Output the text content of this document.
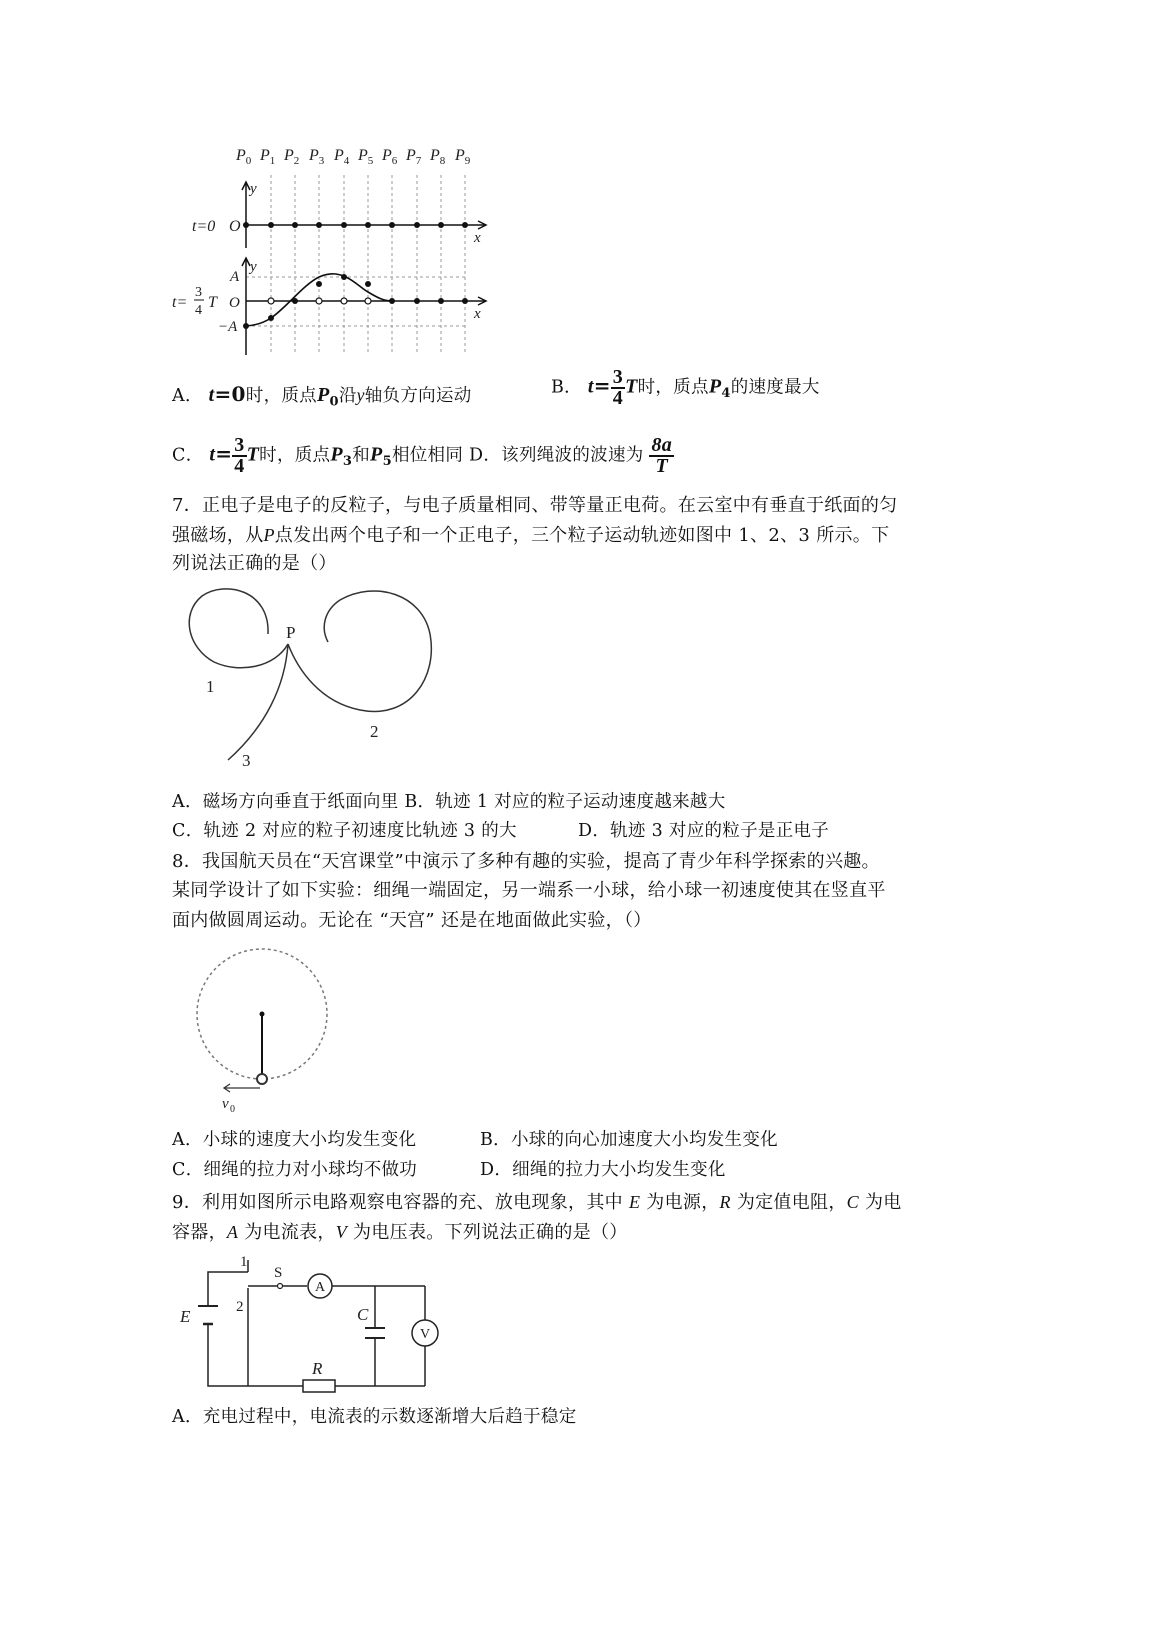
$P_0$ $P_1$ $P_2$ $P_3$ $P_4$ $P_5$ $P_6$ $P_7$ $P_8$ $P_9$
y
x
t=0 O
y
x
A
O
−A
t=
3
4 T
A． t=0时，质点$P_0$沿y轴负方向运动	B． $t= \frac{3}{4}$ T时，质点$P_4$的速度最大
C． $t= \frac{3}{4}$ T时，质点$P_3$和$P_5$相位相同 D．该列绳波的波速为 $\frac{8a}{T}$
7．正电子是电子的反粒子，与电子质量相同、带等量正电荷。在云室中有垂直于纸面的匀
强磁场，从P点发出两个电子和一个正电子，三个粒子运动轨迹如图中 1、2、3 所示。下
列说法正确的是（）
P
1
2
3
A．磁场方向垂直于纸面向里 B．轨迹 1 对应的粒子运动速度越来越大
C．轨迹 2 对应的粒子初速度比轨迹 3 的大	D．轨迹 3 对应的粒子是正电子
8．我国航天员在“天宫课堂”中演示了多种有趣的实验，提高了青少年科学探索的兴趣。
某同学设计了如下实验：细绳一端固定，另一端系一小球，给小球一初速度使其在竖直平
面内做圆周运动。无论在 “天宫” 还是在地面做此实验，（）
v 0
A．小球的速度大小均发生变化	B．小球的向心加速度大小均发生变化
C．细绳的拉力对小球均不做功	D．细绳的拉力大小均发生变化
9．利用如图所示电路观察电容器的充、放电现象，其中 E 为电源，R 为定值电阻，C 为电
容器，A 为电流表，V 为电压表。下列说法正确的是（）
1
2
S
E
A
C
V
R
A．充电过程中，电流表的示数逐渐增大后趋于稳定
